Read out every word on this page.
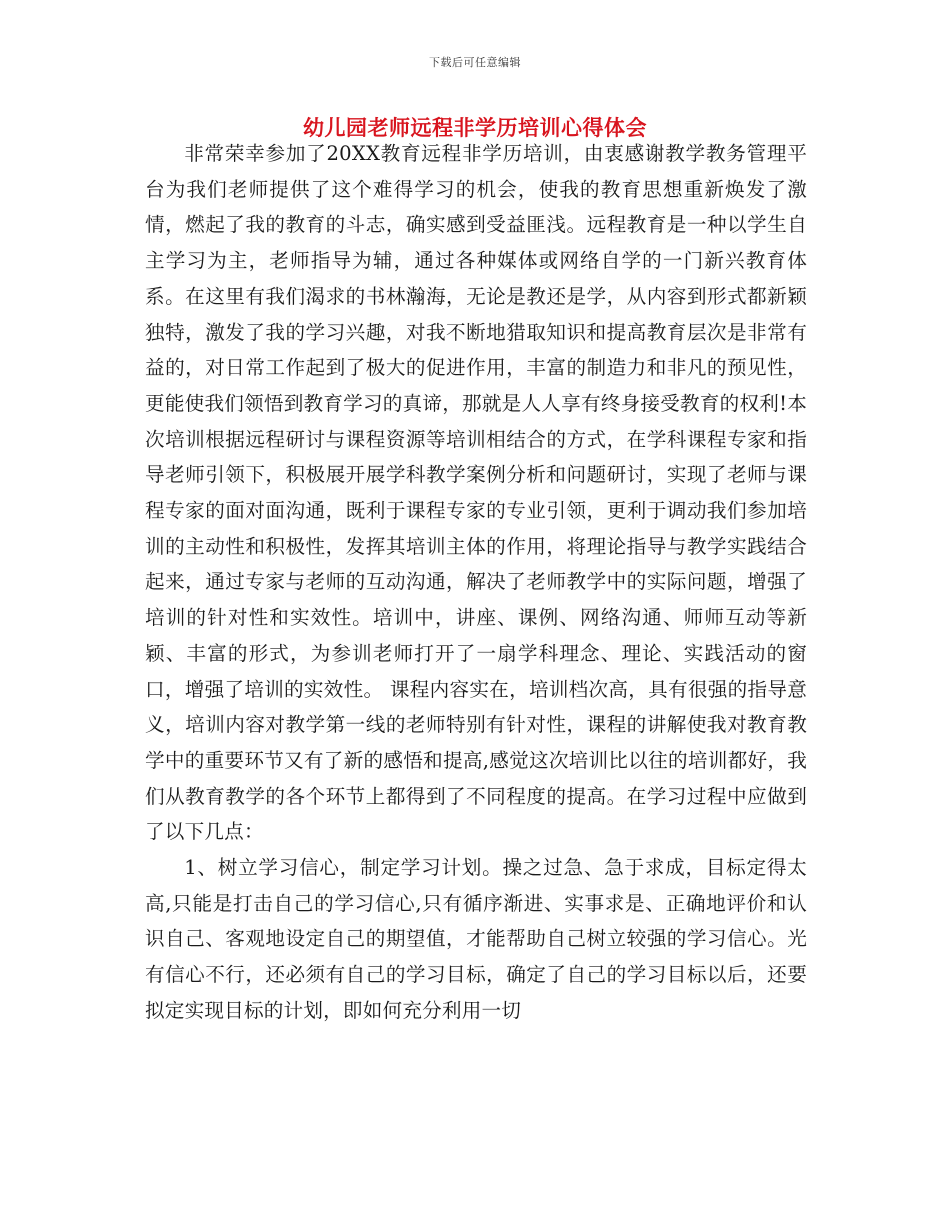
下载后可任意编辑
幼儿园老师远程非学历培训心得体会

非常荣幸参加了20XX教育远程非学历培训，由衷感谢教学教务管理平台为我们老师提供了这个难得学习的机会，使我的教育思想重新焕发了激情，燃起了我的教育的斗志，确实感到受益匪浅。远程教育是一种以学生自主学习为主，老师指导为辅，通过各种媒体或网络自学的一门新兴教育体系。在这里有我们渴求的书林瀚海，无论是教还是学，从内容到形式都新颖独特，激发了我的学习兴趣，对我不断地猎取知识和提高教育层次是非常有益的，对日常工作起到了极大的促进作用，丰富的制造力和非凡的预见性，更能使我们领悟到教育学习的真谛，那就是人人享有终身接受教育的权利!本次培训根据远程研讨与课程资源等培训相结合的方式，在学科课程专家和指导老师引领下，积极展开展学科教学案例分析和问题研讨，实现了老师与课程专家的面对面沟通，既利于课程专家的专业引领，更利于调动我们参加培训的主动性和积极性，发挥其培训主体的作用，将理论指导与教学实践结合起来，通过专家与老师的互动沟通，解决了老师教学中的实际问题，增强了培训的针对性和实效性。培训中，讲座、课例、网络沟通、师师互动等新颖、丰富的形式，为参训老师打开了一扇学科理念、理论、实践活动的窗口，增强了培训的实效性。 课程内容实在，培训档次高，具有很强的指导意义，培训内容对教学第一线的老师特别有针对性，课程的讲解使我对教育教学中的重要环节又有了新的感悟和提高,感觉这次培训比以往的培训都好，我们从教育教学的各个环节上都得到了不同程度的提高。在学习过程中应做到了以下几点：

1、树立学习信心，制定学习计划。操之过急、急于求成，目标定得太高,只能是打击自己的学习信心,只有循序渐进、实事求是、正确地评价和认识自己、客观地设定自己的期望值，才能帮助自己树立较强的学习信心。光有信心不行，还必须有自己的学习目标，确定了自己的学习目标以后，还要拟定实现目标的计划，即如何充分利用一切
